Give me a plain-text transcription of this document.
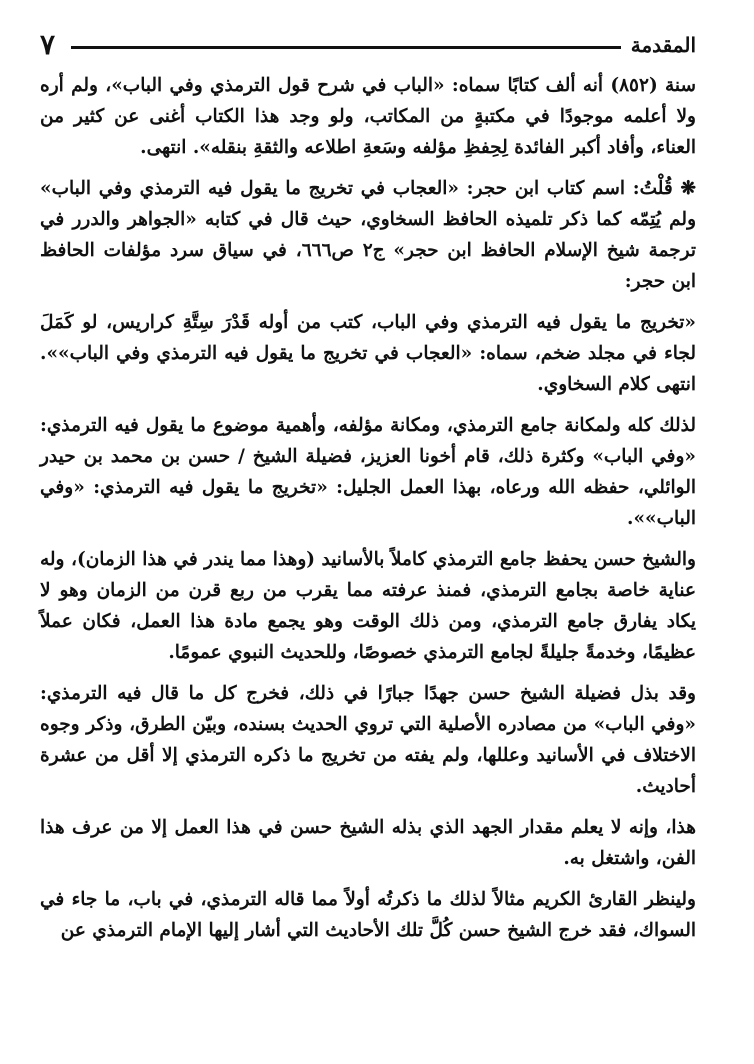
المقدمة
٧

سنة (٨٥٢) أنه ألف كتابًا سماه: «الباب في شرح قول الترمذي وفي الباب»، ولم أره ولا أعلمه موجودًا في مكتبةٍ من المكاتب، ولو وجد هذا الكتاب أغنى عن كثير من العناء، وأفاد أكبر الفائدة لِحِفظِ مؤلفه وسَعةِ اطلاعه والثقةِ بنقله». انتهى.

❋ قُلْتُ: اسم كتاب ابن حجر: «العجاب في تخريج ما يقول فيه الترمذي وفي الباب» ولم يُتِمّه كما ذكر تلميذه الحافظ السخاوي، حيث قال في كتابه «الجواهر والدرر في ترجمة شيخ الإسلام الحافظ ابن حجر» ج٢ ص٦٦٦، في سياق سرد مؤلفات الحافظ ابن حجر:

«تخريج ما يقول فيه الترمذي وفي الباب، كتب من أوله قَدْرَ سِتَّةِ كراريس، لو كَمَلَ لجاء في مجلد ضخم، سماه: «العجاب في تخريج ما يقول فيه الترمذي وفي الباب»». انتهى كلام السخاوي.

لذلك كله ولمكانة جامع الترمذي، ومكانة مؤلفه، وأهمية موضوع ما يقول فيه الترمذي: «وفي الباب» وكثرة ذلك، قام أخونا العزيز، فضيلة الشيخ / حسن بن محمد بن حيدر الوائلي، حفظه الله ورعاه، بهذا العمل الجليل: «تخريج ما يقول فيه الترمذي: «وفي الباب»».

والشيخ حسن يحفظ جامع الترمذي كاملاً بالأسانيد (وهذا مما يندر في هذا الزمان)، وله عناية خاصة بجامع الترمذي، فمنذ عرفته مما يقرب من ربع قرن من الزمان وهو لا يكاد يفارق جامع الترمذي، ومن ذلك الوقت وهو يجمع مادة هذا العمل، فكان عملاً عظيمًا، وخدمةً جليلةً لجامع الترمذي خصوصًا، وللحديث النبوي عمومًا.

وقد بذل فضيلة الشيخ حسن جهدًا جبارًا في ذلك، فخرج كل ما قال فيه الترمذي: «وفي الباب» من مصادره الأصلية التي تروي الحديث بسنده، وبيّن الطرق، وذكر وجوه الاختلاف في الأسانيد وعللها، ولم يفته من تخريج ما ذكره الترمذي إلا أقل من عشرة أحاديث.

هذا، وإنه لا يعلم مقدار الجهد الذي بذله الشيخ حسن في هذا العمل إلا من عرف هذا الفن، واشتغل به.

ولينظر القارئ الكريم مثالاً لذلك ما ذكرتُه أولاً مما قاله الترمذي، في باب، ما جاء في السواك، فقد خرج الشيخ حسن كُلَّ تلك الأحاديث التي أشار إليها الإمام الترمذي عن
